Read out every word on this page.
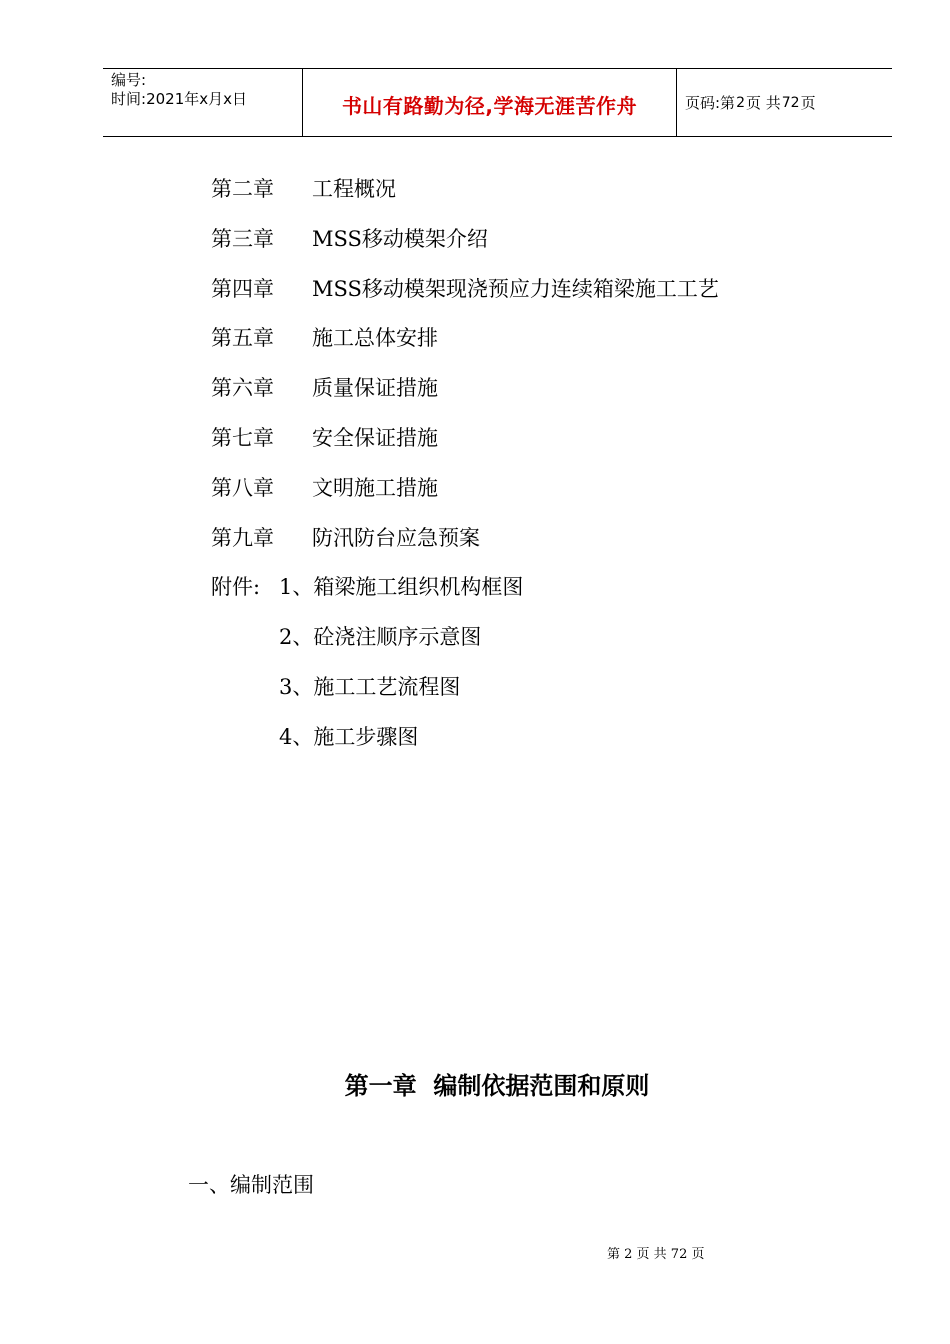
编号:
时间:2021年x月x日	书山有路勤为径,学海无涯苦作舟	页码:第 2 页 共 72 页
第二章 工程概况
第三章 MSS移动模架介绍
第四章 MSS移动模架现浇预应力连续箱梁施工工艺
第五章 施工总体安排
第六章 质量保证措施
第七章 安全保证措施
第八章 文明施工措施
第九章 防汛防台应急预案
附件: 1、箱梁施工组织机构框图
2、砼浇注顺序示意图
3、施工工艺流程图
4、施工步骤图
第一章  编制依据范围和原则
一、编制范围
第 2 页 共 72 页
